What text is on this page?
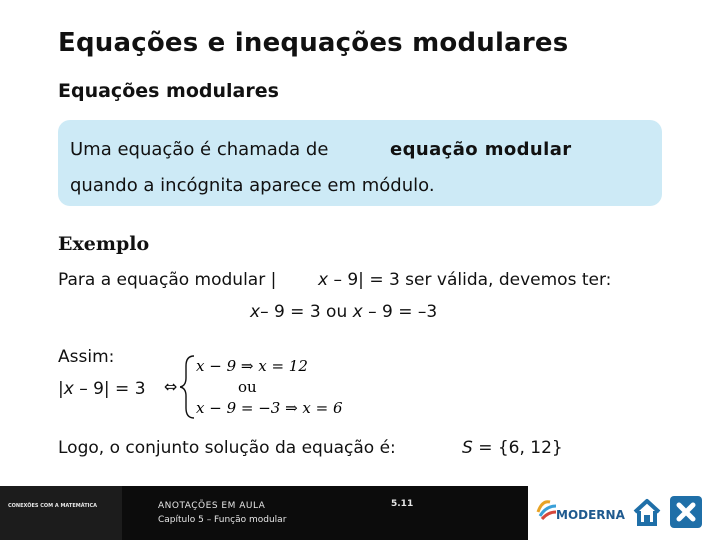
Equações e inequações modulares
Equações modulares
Uma equação é chamada de	equação modular
quando a incógnita aparece em módulo.
Exemplo
Para a equação modular | x – 9| = 3 ser válida, devemos ter:
x– 9 = 3 ou x – 9 = –3
Assim:
|x – 9| = 3 ⇔
x − 9 ⇒ x = 12
ou
x − 9 = −3 ⇒ x = 6
Logo, o conjunto solução da equação é:	S = {6, 12}
CONEXÕES COM A MATEMÁTICA	ANOTAÇÕES EM AULA
Capítulo 5 – Função modular
5.11
MODERNA
